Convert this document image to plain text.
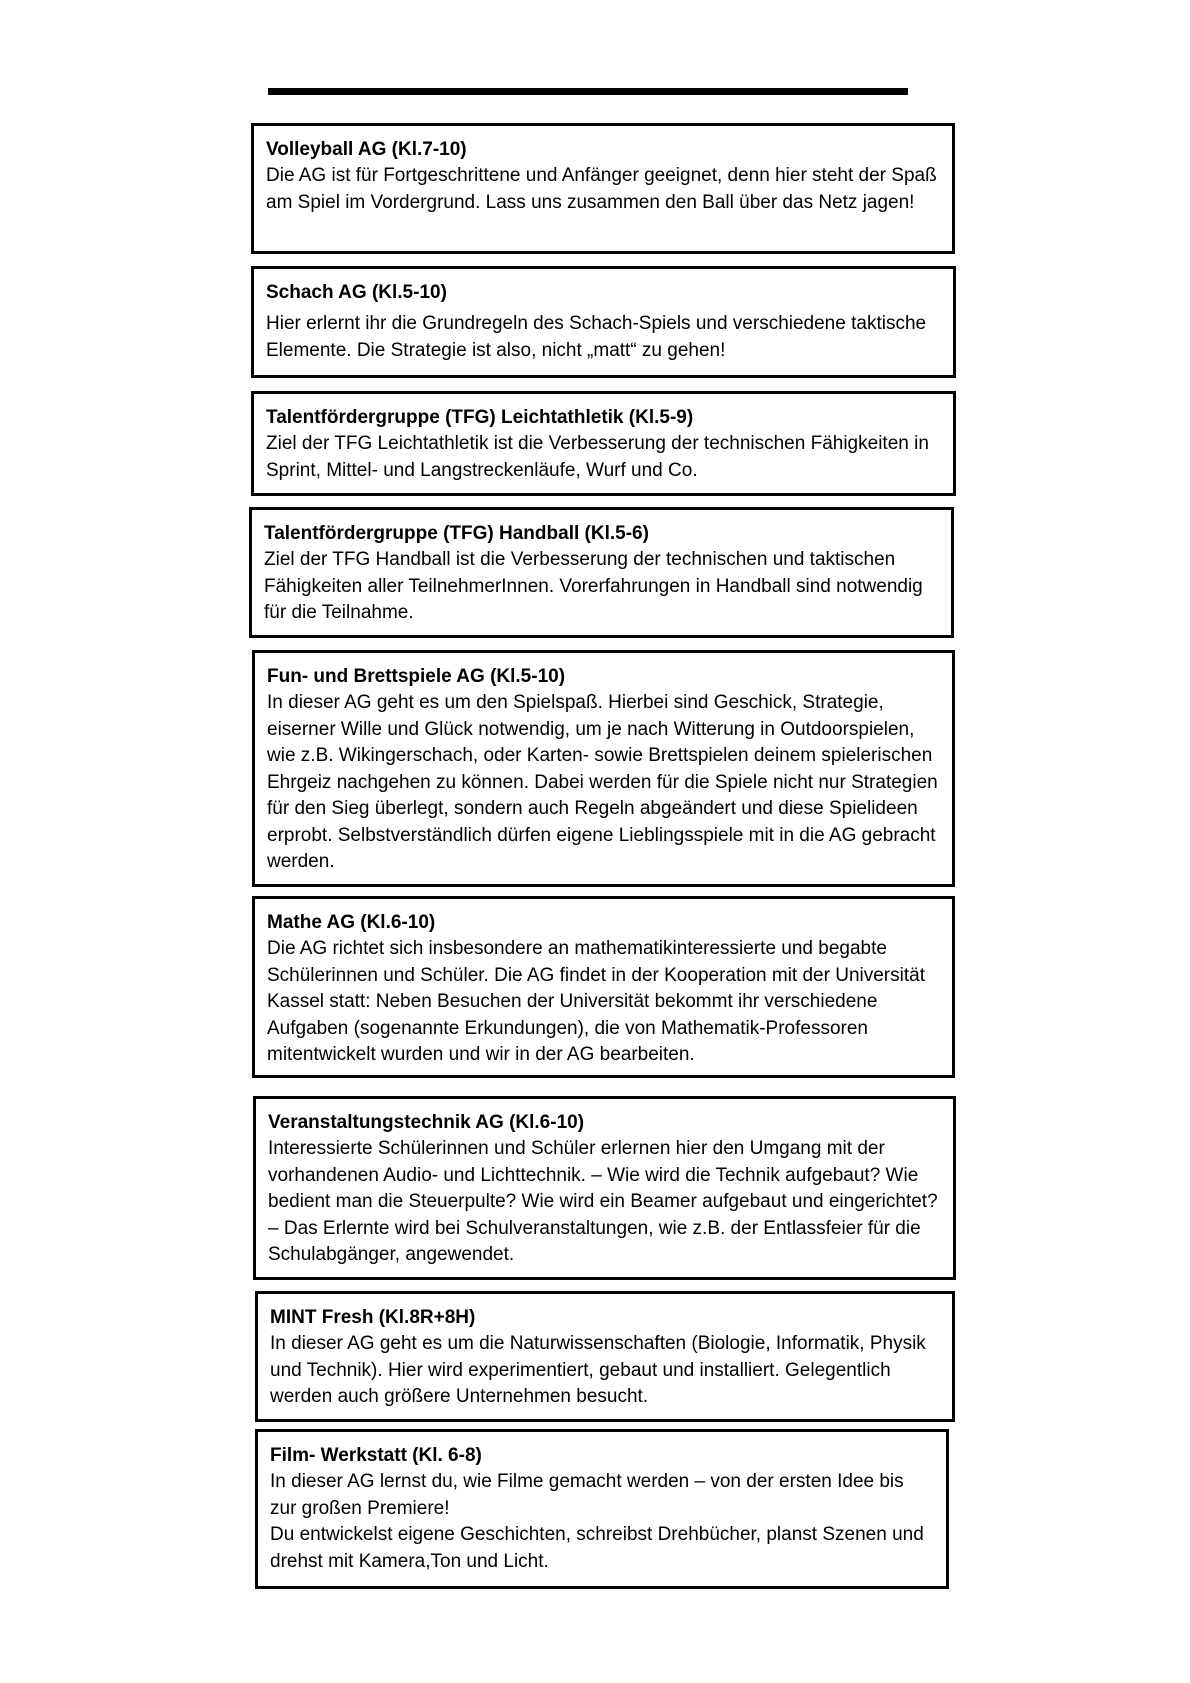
Volleyball AG (Kl.7-10)

Die AG ist für Fortgeschrittene und Anfänger geeignet, denn hier steht der Spaß am Spiel im Vordergrund. Lass uns zusammen den Ball über das Netz jagen!

Schach AG (Kl.5-10)

Hier erlernt ihr die Grundregeln des Schach-Spiels und verschiedene taktische Elemente. Die Strategie ist also, nicht „matt“ zu gehen!

Talentfördergruppe (TFG) Leichtathletik (Kl.5-9)

Ziel der TFG Leichtathletik ist die Verbesserung der technischen Fähigkeiten in Sprint, Mittel- und Langstreckenläufe, Wurf und Co.

Talentfördergruppe (TFG) Handball (Kl.5-6)

Ziel der TFG Handball ist die Verbesserung der technischen und taktischen Fähigkeiten aller TeilnehmerInnen. Vorerfahrungen in Handball sind notwendig für die Teilnahme.

Fun- und Brettspiele AG (Kl.5-10)

In dieser AG geht es um den Spielspaß. Hierbei sind Geschick, Strategie, eiserner Wille und Glück notwendig, um je nach Witterung in Outdoorspielen, wie z.B. Wikingerschach, oder Karten- sowie Brettspielen deinem spielerischen Ehrgeiz nachgehen zu können. Dabei werden für die Spiele nicht nur Strategien für den Sieg überlegt, sondern auch Regeln abgeändert und diese Spielideen erprobt. Selbstverständlich dürfen eigene Lieblingsspiele mit in die AG gebracht werden.

Mathe AG (Kl.6-10)

Die AG richtet sich insbesondere an mathematikinteressierte und begabte Schülerinnen und Schüler. Die AG findet in der Kooperation mit der Universität Kassel statt: Neben Besuchen der Universität bekommt ihr verschiedene Aufgaben (sogenannte Erkundungen), die von Mathematik-Professoren mitentwickelt wurden und wir in der AG bearbeiten.

Veranstaltungstechnik AG (Kl.6-10)

Interessierte Schülerinnen und Schüler erlernen hier den Umgang mit der vorhandenen Audio- und Lichttechnik. – Wie wird die Technik aufgebaut? Wie bedient man die Steuerpulte? Wie wird ein Beamer aufgebaut und eingerichtet? – Das Erlernte wird bei Schulveranstaltungen, wie z.B. der Entlassfeier für die Schulabgänger, angewendet.

MINT Fresh (Kl.8R+8H)

In dieser AG geht es um die Naturwissenschaften (Biologie, Informatik, Physik und Technik). Hier wird experimentiert, gebaut und installiert. Gelegentlich werden auch größere Unternehmen besucht.

Film- Werkstatt (Kl. 6-8)

In dieser AG lernst du, wie Filme gemacht werden – von der ersten Idee bis zur großen Premiere!

Du entwickelst eigene Geschichten, schreibst Drehbücher, planst Szenen und drehst mit Kamera,Ton und Licht.
